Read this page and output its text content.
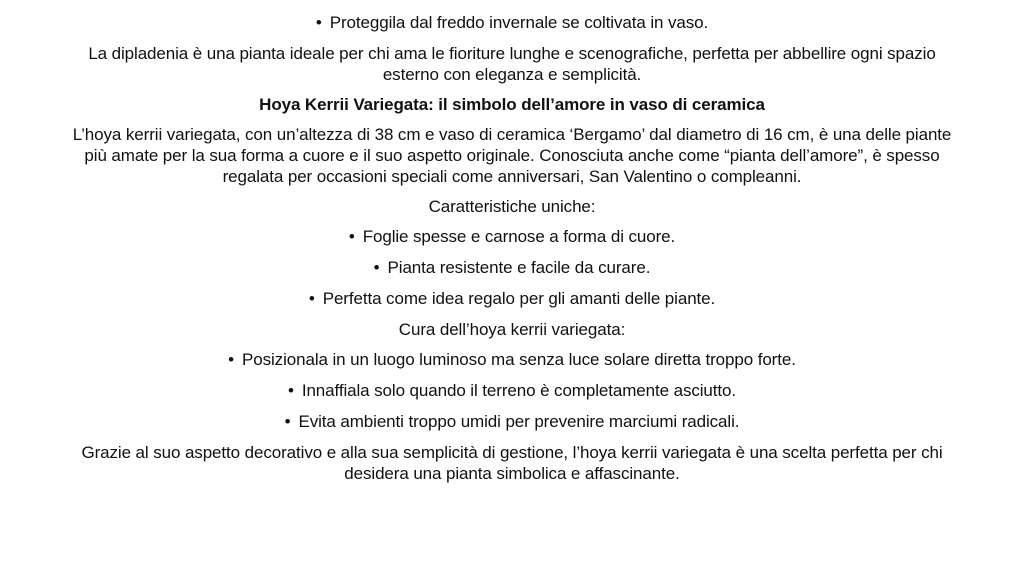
• Proteggila dal freddo invernale se coltivata in vaso.

La dipladenia è una pianta ideale per chi ama le fioriture lunghe e scenografiche, perfetta per abbellire ogni spazio esterno con eleganza e semplicità.

Hoya Kerrii Variegata: il simbolo dell’amore in vaso di ceramica

L’hoya kerrii variegata, con un’altezza di 38 cm e vaso di ceramica ‘Bergamo’ dal diametro di 16 cm, è una delle piante più amate per la sua forma a cuore e il suo aspetto originale. Conosciuta anche come “pianta dell’amore”, è spesso regalata per occasioni speciali come anniversari, San Valentino o compleanni.

Caratteristiche uniche:

• Foglie spesse e carnose a forma di cuore.

• Pianta resistente e facile da curare.

• Perfetta come idea regalo per gli amanti delle piante.

Cura dell’hoya kerrii variegata:

• Posizionala in un luogo luminoso ma senza luce solare diretta troppo forte.

• Innaffiala solo quando il terreno è completamente asciutto.

• Evita ambienti troppo umidi per prevenire marciumi radicali.

Grazie al suo aspetto decorativo e alla sua semplicità di gestione, l’hoya kerrii variegata è una scelta perfetta per chi desidera una pianta simbolica e affascinante.
